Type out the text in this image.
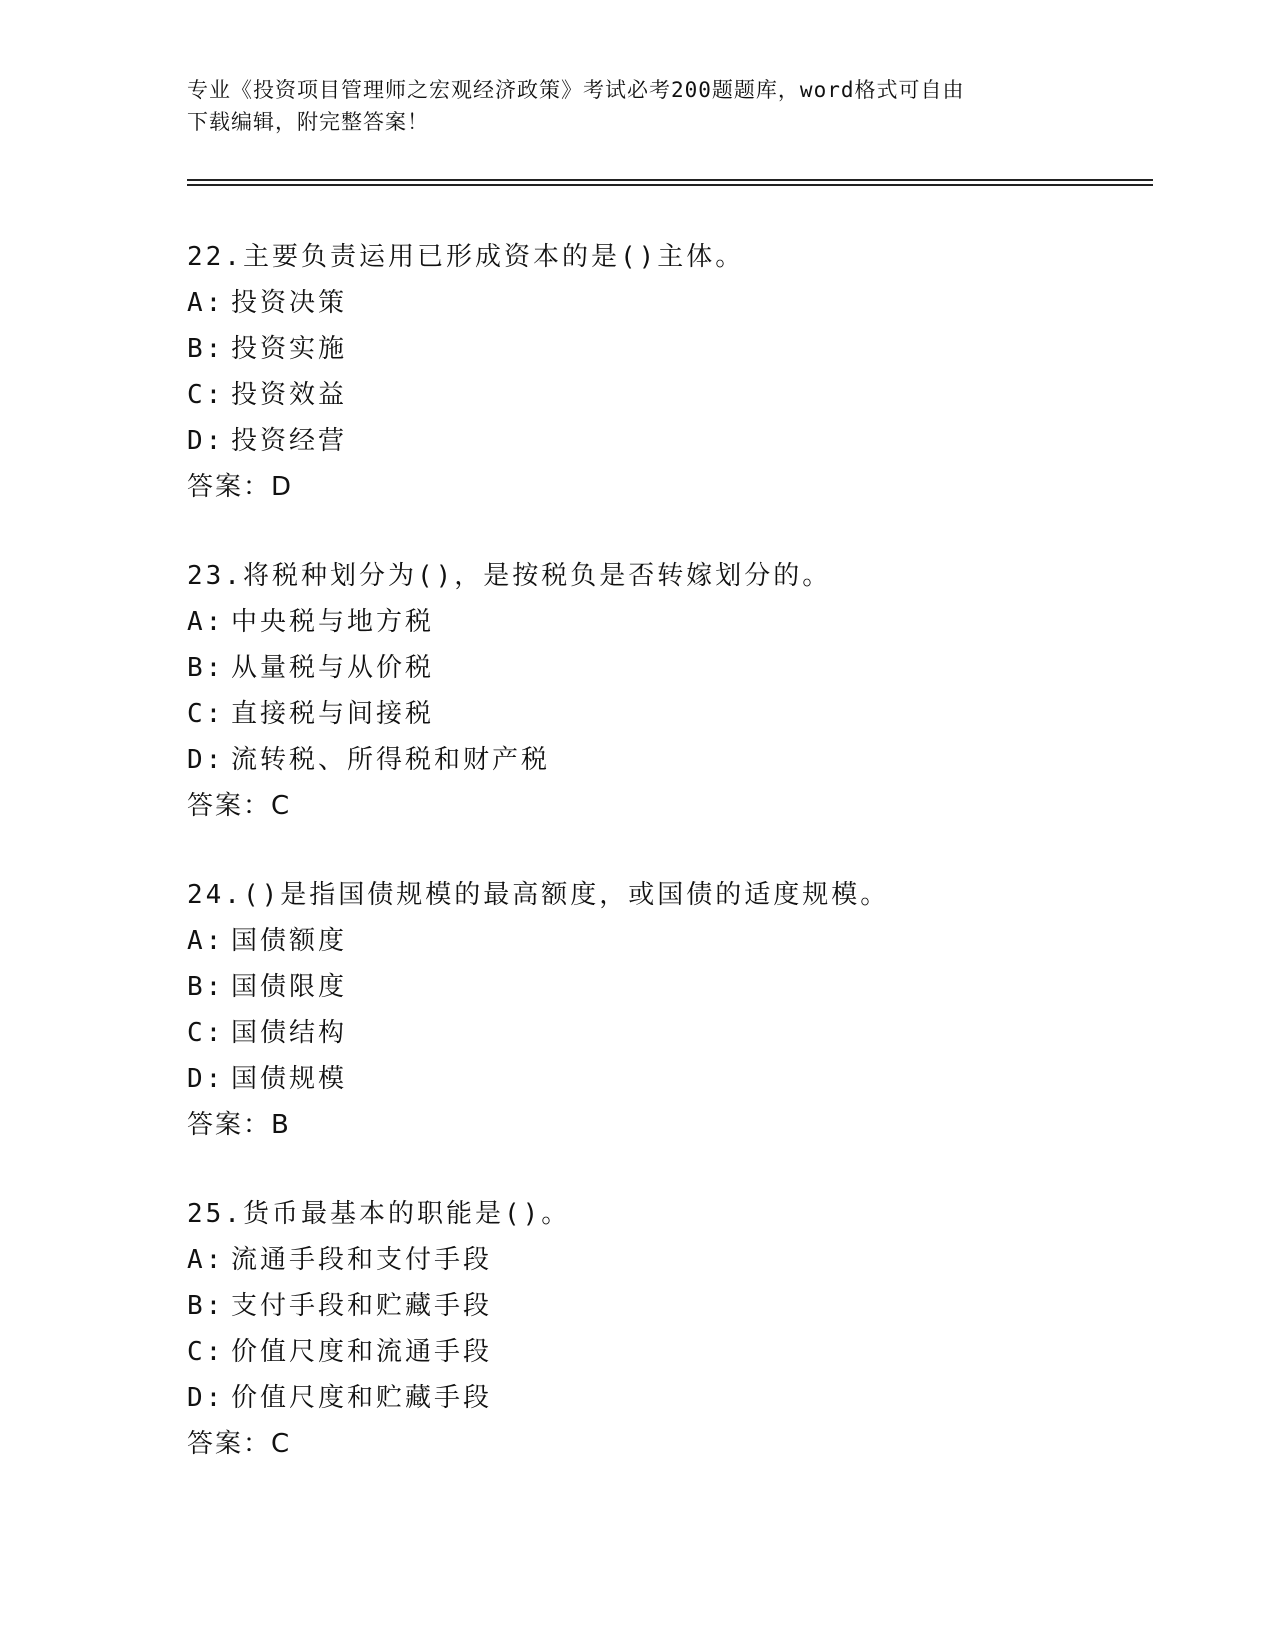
专业《投资项目管理师之宏观经济政策》考试必考200题题库，word格式可自由
下载编辑，附完整答案！
22.主要负责运用已形成资本的是()主体。
A: 投资决策
B: 投资实施
C: 投资效益
D: 投资经营
答案：D
23.将税种划分为()，是按税负是否转嫁划分的。
A: 中央税与地方税
B: 从量税与从价税
C: 直接税与间接税
D: 流转税、所得税和财产税
答案：C
24.()是指国债规模的最高额度，或国债的适度规模。
A: 国债额度
B: 国债限度
C: 国债结构
D: 国债规模
答案：B
25.货币最基本的职能是()。
A: 流通手段和支付手段
B: 支付手段和贮藏手段
C: 价值尺度和流通手段
D: 价值尺度和贮藏手段
答案：C
